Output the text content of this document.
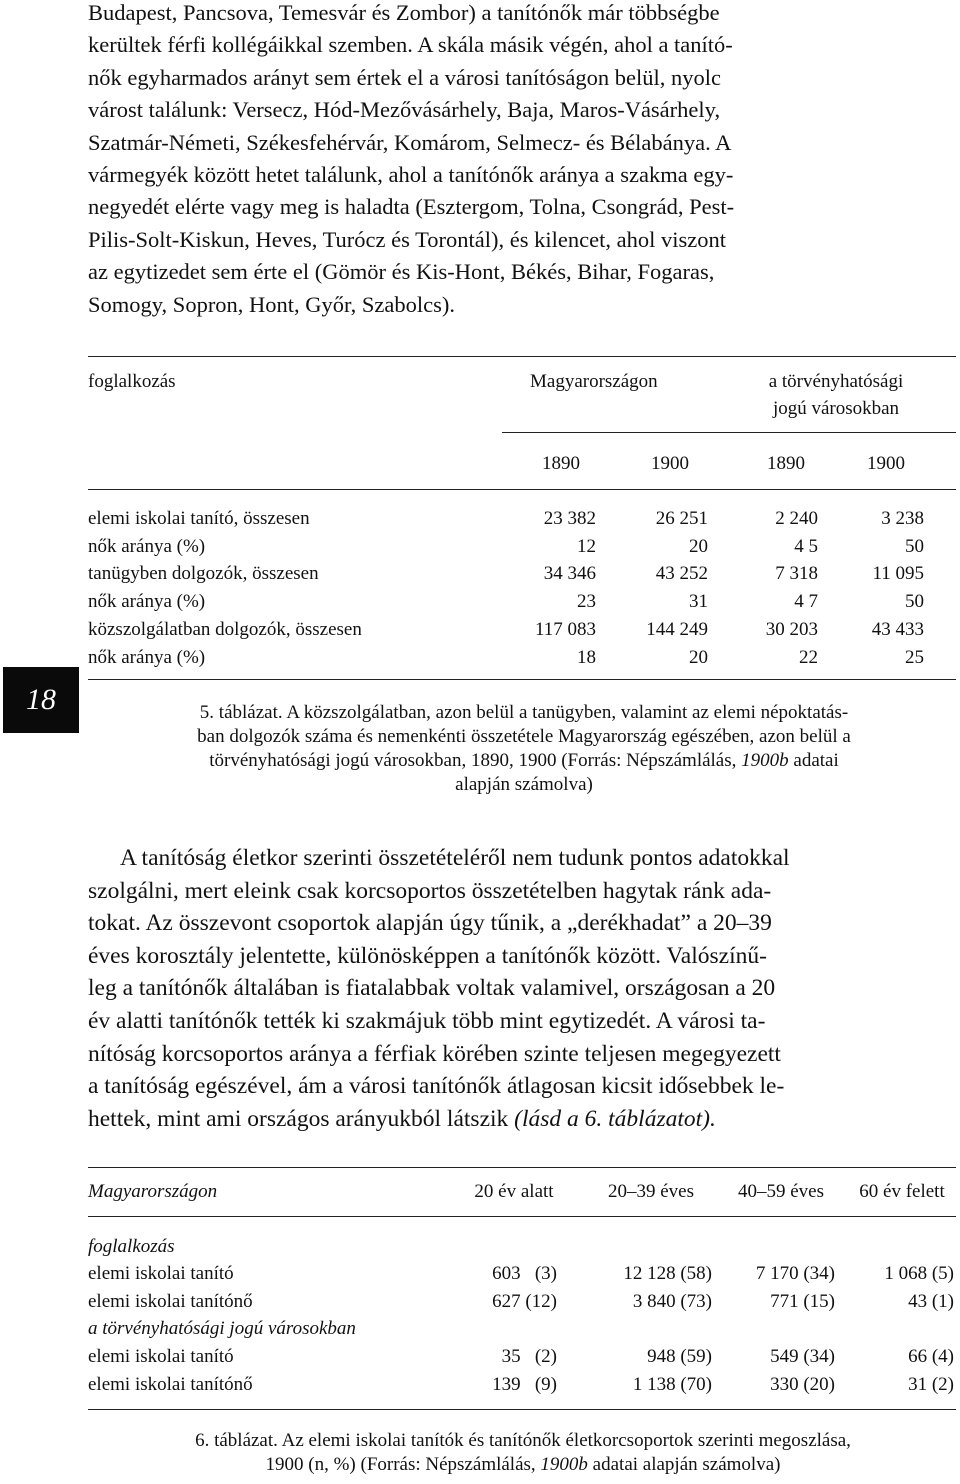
Budapest, Pancsova, Temesvár és Zombor) a tanítónők már többségbe
kerültek férfi kollégáikkal szemben. A skála másik végén, ahol a tanító-
nők egyharmados arányt sem értek el a városi tanítóságon belül, nyolc
várost találunk: Versecz, Hód-Mezővásárhely, Baja, Maros-Vásárhely,
Szatmár-Németi, Székesfehérvár, Komárom, Selmecz- és Bélabánya. A
vármegyék között hetet találunk, ahol a tanítónők aránya a szakma egy-
negyedét elérte vagy meg is haladta (Esztergom, Tolna, Csongrád, Pest-
Pilis-Solt-Kiskun, Heves, Turócz és Torontál), és kilencet, ahol viszont
az egytizedet sem érte el (Gömör és Kis-Hont, Békés, Bihar, Fogaras,
Somogy, Sopron, Hont, Győr, Szabolcs).
foglalkozás	Magyarországon	a törvényhatósági
jogú városokban
1890	1900	1890	1900
elemi iskolai tanító, összesen	23 382	26 251	2 240	3 238
nők aránya (%)	12	20	4 5	50
tanügyben dolgozók, összesen	34 346	43 252	7 318	11 095
nők aránya (%)	23	31	4 7	50
közszolgálatban dolgozók, összesen	117 083	144 249	30 203	43 433
nők aránya (%)	18	20	22	25
18	5. táblázat. A közszolgálatban, azon belül a tanügyben, valamint az elemi népoktatás-
ban dolgozók száma és nemenkénti összetétele Magyarország egészében, azon belül a
törvényhatósági jogú városokban, 1890, 1900 (Forrás: Népszámlálás, 1900b adatai
alapján számolva)
A tanítóság életkor szerinti összetételéről nem tudunk pontos adatokkal
szolgálni, mert eleink csak korcsoportos összetételben hagytak ránk ada-
tokat. Az összevont csoportok alapján úgy tűnik, a „derékhadat” a 20–39
éves korosztály jelentette, különösképpen a tanítónők között. Valószínű-
leg a tanítónők általában is fiatalabbak voltak valamivel, országosan a 20
év alatti tanítónők tették ki szakmájuk több mint egytizedét. A városi ta-
nítóság korcsoportos aránya a férfiak körében szinte teljesen megegyezett
a tanítóság egészével, ám a városi tanítónők átlagosan kicsit idősebbek le-
hettek, mint ami országos arányukból látszik (lásd a 6. táblázatot).
Magyarországon	20 év alatt	20–39 éves	40–59 éves	60 év felett
foglalkozás
elemi iskolai tanító	603   (3)	12 128 (58)	7 170 (34)	1 068 (5)
elemi iskolai tanítónő	627 (12)	3 840 (73)	771 (15)	43 (1)
a törvényhatósági jogú városokban
elemi iskolai tanító	35   (2)	948 (59)	549 (34)	66 (4)
elemi iskolai tanítónő	139   (9)	1 138 (70)	330 (20)	31 (2)
6. táblázat. Az elemi iskolai tanítók és tanítónők életkorcsoportok szerinti megoszlása,
1900 (n, %) (Forrás: Népszámlálás, 1900b adatai alapján számolva)
